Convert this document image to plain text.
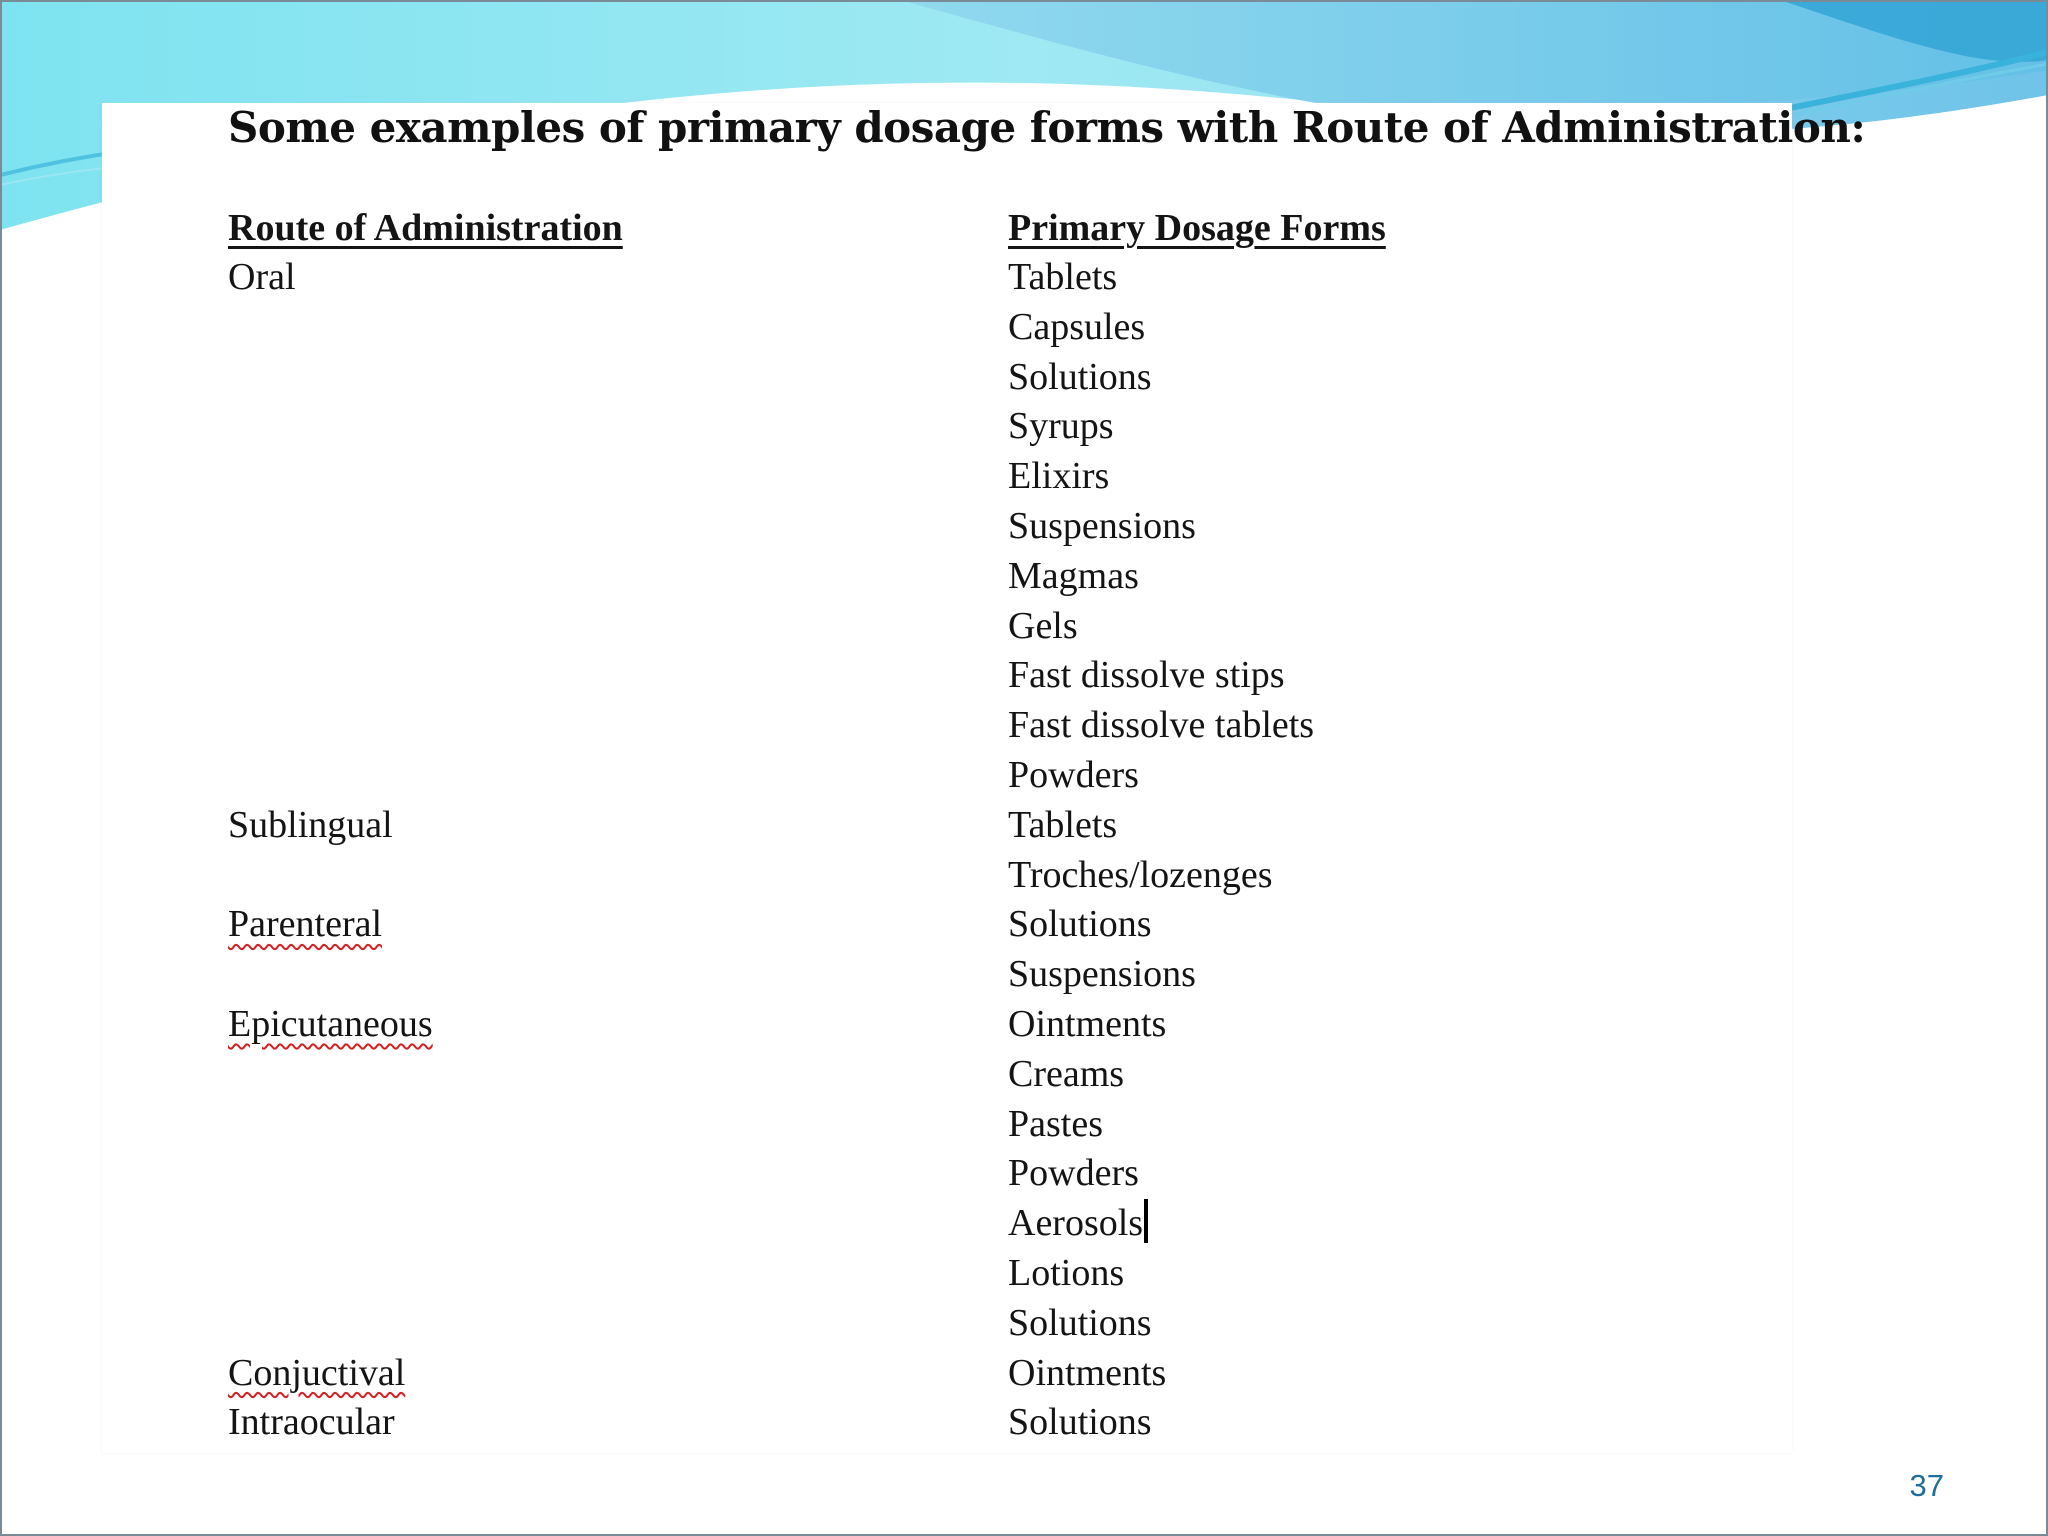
Some examples of primary dosage forms with Route of Administration:
Route of Administration
Oral
Sublingual
Parenteral
Epicutaneous
Conjuctival
Intraocular
Primary Dosage Forms
Tablets
Capsules
Solutions
Syrups
Elixirs
Suspensions
Magmas
Gels
Fast dissolve stips
Fast dissolve tablets
Powders
Tablets
Troches/lozenges
Solutions
Suspensions
Ointments
Creams
Pastes
Powders
Aerosols
Lotions
Solutions
Ointments
Solutions
37
